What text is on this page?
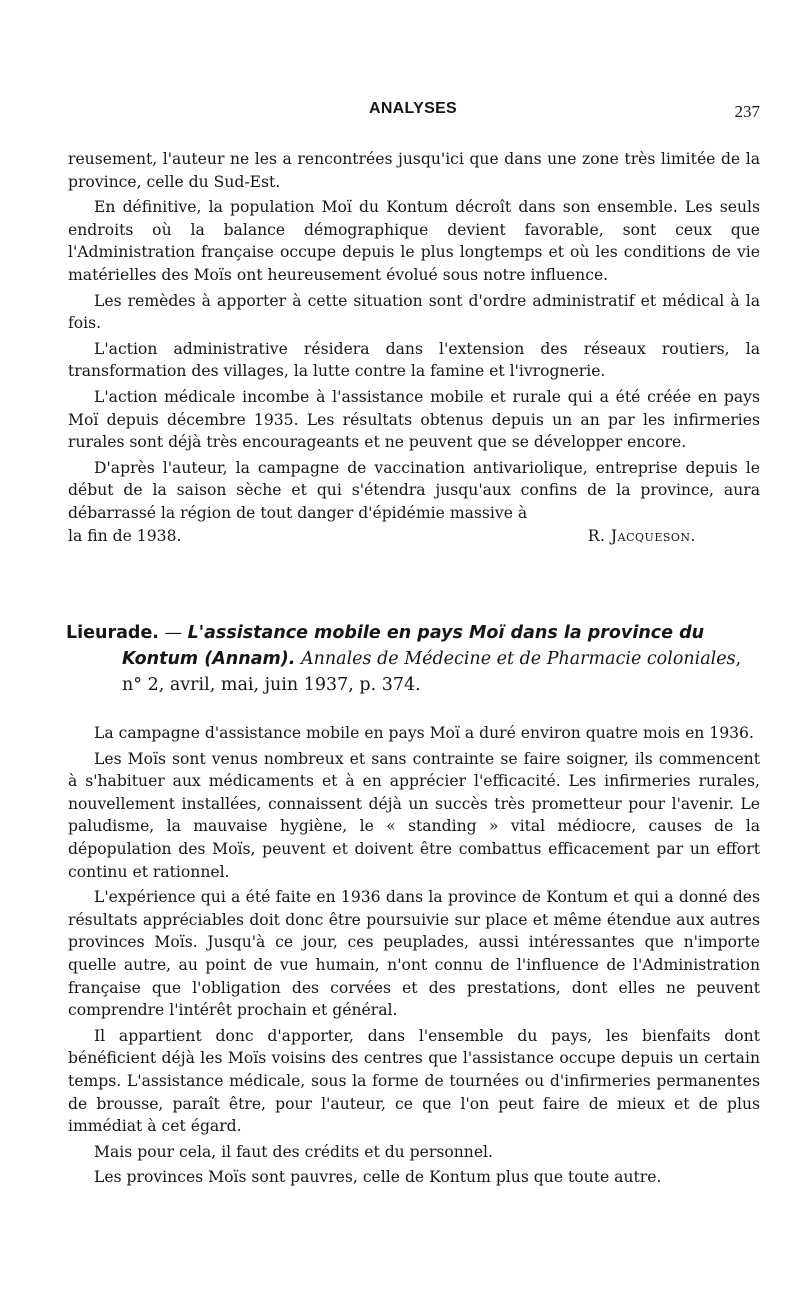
ANALYSES	237

reusement, l'auteur ne les a rencontrées jusqu'ici que dans une zone très limitée de la province, celle du Sud-Est.

En définitive, la population Moï du Kontum décroît dans son ensemble. Les seuls endroits où la balance démographique devient favorable, sont ceux que l'Administration française occupe depuis le plus longtemps et où les conditions de vie matérielles des Moïs ont heureusement évolué sous notre influence.

Les remèdes à apporter à cette situation sont d'ordre administratif et médical à la fois.

L'action administrative résidera dans l'extension des réseaux routiers, la transformation des villages, la lutte contre la famine et l'ivrognerie.

L'action médicale incombe à l'assistance mobile et rurale qui a été créée en pays Moï depuis décembre 1935. Les résultats obtenus depuis un an par les infirmeries rurales sont déjà très encourageants et ne peuvent que se développer encore.

D'après l'auteur, la campagne de vaccination antivariolique, entreprise depuis le début de la saison sèche et qui s'étendra jusqu'aux confins de la province, aura débarrassé la région de tout danger d'épidémie massive à

la fin de 1938.	R. Jacqueson.
Lieurade. — L'assistance mobile en pays Moï dans la province du Kontum (Annam). Annales de Médecine et de Pharmacie coloniales, n° 2, avril, mai, juin 1937, p. 374.

La campagne d'assistance mobile en pays Moï a duré environ quatre mois en 1936.

Les Moïs sont venus nombreux et sans contrainte se faire soigner, ils commencent à s'habituer aux médicaments et à en apprécier l'efficacité. Les infirmeries rurales, nouvellement installées, connaissent déjà un succès très prometteur pour l'avenir. Le paludisme, la mauvaise hygiène, le « standing » vital médiocre, causes de la dépopulation des Moïs, peuvent et doivent être combattus efficacement par un effort continu et rationnel.

L'expérience qui a été faite en 1936 dans la province de Kontum et qui a donné des résultats appréciables doit donc être poursuivie sur place et même étendue aux autres provinces Moïs. Jusqu'à ce jour, ces peuplades, aussi intéressantes que n'importe quelle autre, au point de vue humain, n'ont connu de l'influence de l'Administration française que l'obligation des corvées et des prestations, dont elles ne peuvent comprendre l'intérêt prochain et général.

Il appartient donc d'apporter, dans l'ensemble du pays, les bienfaits dont bénéficient déjà les Moïs voisins des centres que l'assistance occupe depuis un certain temps. L'assistance médicale, sous la forme de tournées ou d'infirmeries permanentes de brousse, paraît être, pour l'auteur, ce que l'on peut faire de mieux et de plus immédiat à cet égard.

Mais pour cela, il faut des crédits et du personnel.

Les provinces Moïs sont pauvres, celle de Kontum plus que toute autre.
